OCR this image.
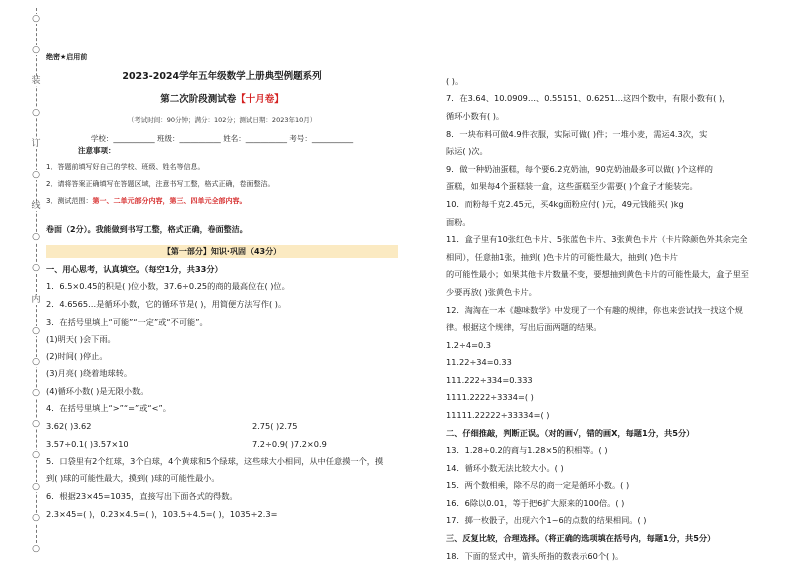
○
○
装
○
订
○
线
○
○
内
○
○
○
○
○
○
○
○
绝密★启用前
2023-2024学年五年级数学上册典型例题系列
第二次阶段测试卷【十月卷】
（考试时间：90分钟；满分：102分；测试日期：2023年10月）
学校：___________ 班级：___________ 姓名：___________ 考号：___________
注意事项：
1．答题前填写好自己的学校、班级、姓名等信息。
2．请将答案正确填写在答题区域，注意书写工整，格式正确，卷面整洁。
3．测试范围：第一、二单元部分内容，第三、四单元全部内容。
卷面（2分）。我能做到书写工整，格式正确，卷面整洁。
【第一部分】知识·巩固（43分）
一、用心思考，认真填空。（每空1分，共33分）
1．6.5×0.45的积是( )位小数，37.6÷0.25的商的最高位在( )位。
2．4.6565…是循环小数，它的循环节是( )，用简便方法写作( )。
3．在括号里填上“可能”“一定”或“不可能”。
(1)明天( )会下雨。
(2)时间( )停止。
(3)月亮( )绕着地球转。
(4)循环小数( )是无限小数。
4．在括号里填上“>”“=”或“<”。
3.62( )3.62	2.75( )2.75
3.57÷0.1( )3.57×10	7.2÷0.9( )7.2×0.9
5．口袋里有2个红球，3个白球，4个黄球和5个绿球，这些球大小相同，从中任意摸一个，摸
到( )球的可能性最大，摸到( )球的可能性最小。
6．根据23×45=1035，直接写出下面各式的得数。
2.3×45=( )，0.23×4.5=( )，103.5÷4.5=( )，1035÷2.3=
( )。
7．在3.64、10.0909…、0.55151、0.6251…这四个数中，有限小数有( )，
循环小数有( )。
8．一块布料可做4.9件衣服，实际可做( )件；一堆小麦，需运4.3次，实
际运( )次。
9．做一种奶油蛋糕，每个要6.2克奶油，90克奶油最多可以做( )个这样的
蛋糕，如果每4个蛋糕装一盒，这些蛋糕至少需要( )个盒子才能装完。
10．而粉每千克2.45元，买4kg面粉应付( )元，49元钱能买( )kg
面粉。
11．盒子里有10张红色卡片、5张蓝色卡片、3张黄色卡片（卡片除颜色外其余完全
相同），任意抽1张，抽到( )色卡片的可能性最大，抽到( )色卡片
的可能性最小；如果其他卡片数量不变，要想抽到黄色卡片的可能性最大，盒子里至
少要再放( )张黄色卡片。
12．淘淘在一本《趣味数学》中发现了一个有趣的规律，你也来尝试找一找这个规
律。根据这个规律，写出后面两题的结果。
1.2÷4=0.3
11.22÷34=0.33
111.222÷334=0.333
1111.2222÷3334=( )
11111.22222÷33334=( )
二、仔细推敲，判断正误。（对的画√，错的画X，每题1分，共5分）
13．1.28÷0.2的商与1.28×5的积相等。( )
14．循环小数无法比较大小。( )
15．两个数相乘，除不尽的商一定是循环小数。( )
16．6除以0.01，等于把6扩大原来的100倍。( )
17．掷一枚骰子，出现六个1~6的点数的结果相同。( )
三、反复比较，合理选择。（将正确的选项填在括号内，每题1分，共5分）
18．下面的竖式中，箭头所指的数表示60个( )。
